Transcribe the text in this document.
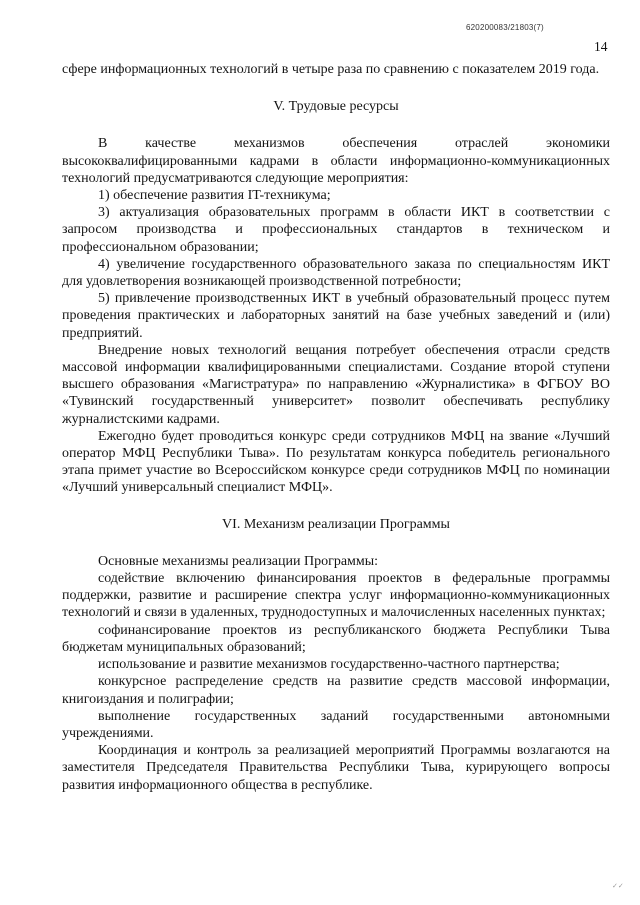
620200083/21803(7)
14

сфере информационных технологий в четыре раза по сравнению с показателем 2019 года.

V. Трудовые ресурсы

В качестве механизмов обеспечения отраслей экономики высококвалифицированными кадрами в области информационно-коммуникационных технологий предусматриваются следующие мероприятия:

1) обеспечение развития IT-техникума;

3) актуализация образовательных программ в области ИКТ в соответствии с запросом производства и профессиональных стандартов в техническом и профессиональном образовании;

4) увеличение государственного образовательного заказа по специальностям ИКТ для удовлетворения возникающей производственной потребности;

5) привлечение производственных ИКТ в учебный образовательный процесс путем проведения практических и лабораторных занятий на базе учебных заведений и (или) предприятий.

Внедрение новых технологий вещания потребует обеспечения отрасли средств массовой информации квалифицированными специалистами. Создание второй ступени высшего образования «Магистратура» по направлению «Журналистика» в ФГБОУ ВО «Тувинский государственный университет» позволит обеспечивать республику журналистскими кадрами.

Ежегодно будет проводиться конкурс среди сотрудников МФЦ на звание «Лучший оператор МФЦ Республики Тыва». По результатам конкурса победитель регионального этапа примет участие во Всероссийском конкурсе среди сотрудников МФЦ по номинации «Лучший универсальный специалист МФЦ».

VI. Механизм реализации Программы

Основные механизмы реализации Программы:

содействие включению финансирования проектов в федеральные программы поддержки, развитие и расширение спектра услуг информационно-коммуникационных технологий и связи в удаленных, труднодоступных и малочисленных населенных пунктах;

софинансирование проектов из республиканского бюджета Республики Тыва бюджетам муниципальных образований;

использование и развитие механизмов государственно-частного партнерства;

конкурсное распределение средств на развитие средств массовой информации, книгоиздания и полиграфии;

выполнение государственных заданий государственными автономными учреждениями.

Координация и контроль за реализацией мероприятий Программы возлагаются на заместителя Председателя Правительства Республики Тыва, курирующего вопросы развития информационного общества в республике.

✓✓
